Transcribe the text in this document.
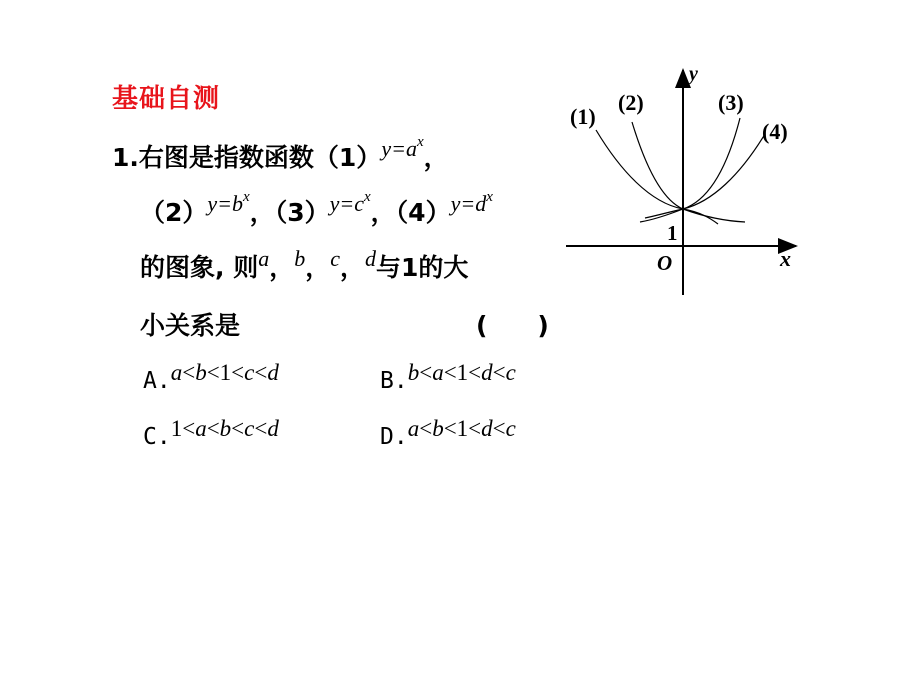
基础自测
1.右图是指数函数$(1)y=a^x$，
$(2)y=b^x$，$(3)y=c^x$，$(4)y=d^x$
的图象, 则a，b，c，d与1的大
小关系是	(　　)
A.a<b<1<c<d	B.b<a<1<d<c
C.1<a<b<c<d	D.a<b<1<d<c
(1)
(2)	(3)
(4)
y
x
O
1
